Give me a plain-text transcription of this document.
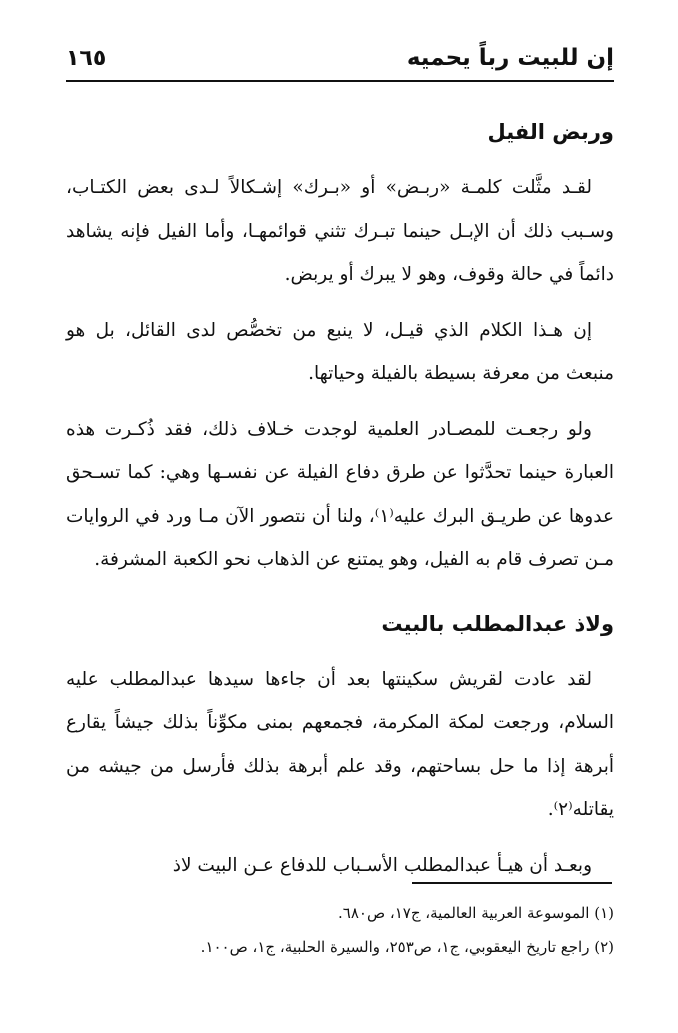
إن للبيت رباً يحميه
١٦٥
وربض الفيل

لقـد مثَّلت كلمـة «ربـض» أو «بـرك» إشـكالاً لـدى بعض الكتـاب، وسـبب ذلك أن الإبـل حينما تبـرك تثني قوائمهـا، وأما الفيل فإنه يشاهد دائماً في حالة وقوف، وهو لا يبرك أو يربض.

إن هـذا الكلام الذي قيـل، لا ينبع من تخصُّص لدى القائل، بل هو منبعث من معرفة بسيطة بالفيلة وحياتها.

ولو رجعـت للمصـادر العلمية لوجدت خـلاف ذلك، فقد ذُكـرت هذه العبارة حينما تحدَّثوا عن طرق دفاع الفيلة عن نفسـها وهي: كما تسـحق عدوها عن طريـق البرك عليه⁽١⁾، ولنا أن نتصور الآن مـا ورد في الروايات مـن تصرف قام به الفيل، وهو يمتنع عن الذهاب نحو الكعبة المشرفة.

ولاذ عبدالمطلب بالبيت

لقد عادت لقريش سكينتها بعد أن جاءها سيدها عبدالمطلب عليه السلام، ورجعت لمكة المكرمة، فجمعهم بمنى مكوِّناً بذلك جيشاً يقارع أبرهة إذا ما حل بساحتهم، وقد علم أبرهة بذلك فأرسل من جيشه من يقاتله⁽٢⁾.

وبعـد أن هيـأ عبدالمطلب الأسـباب للدفاع عـن البيت لاذ

(١) الموسوعة العربية العالمية، ج١٧، ص٦٨٠.

(٢) راجع تاريخ اليعقوبي، ج١، ص٢٥٣، والسيرة الحلبية، ج١، ص١٠٠.
